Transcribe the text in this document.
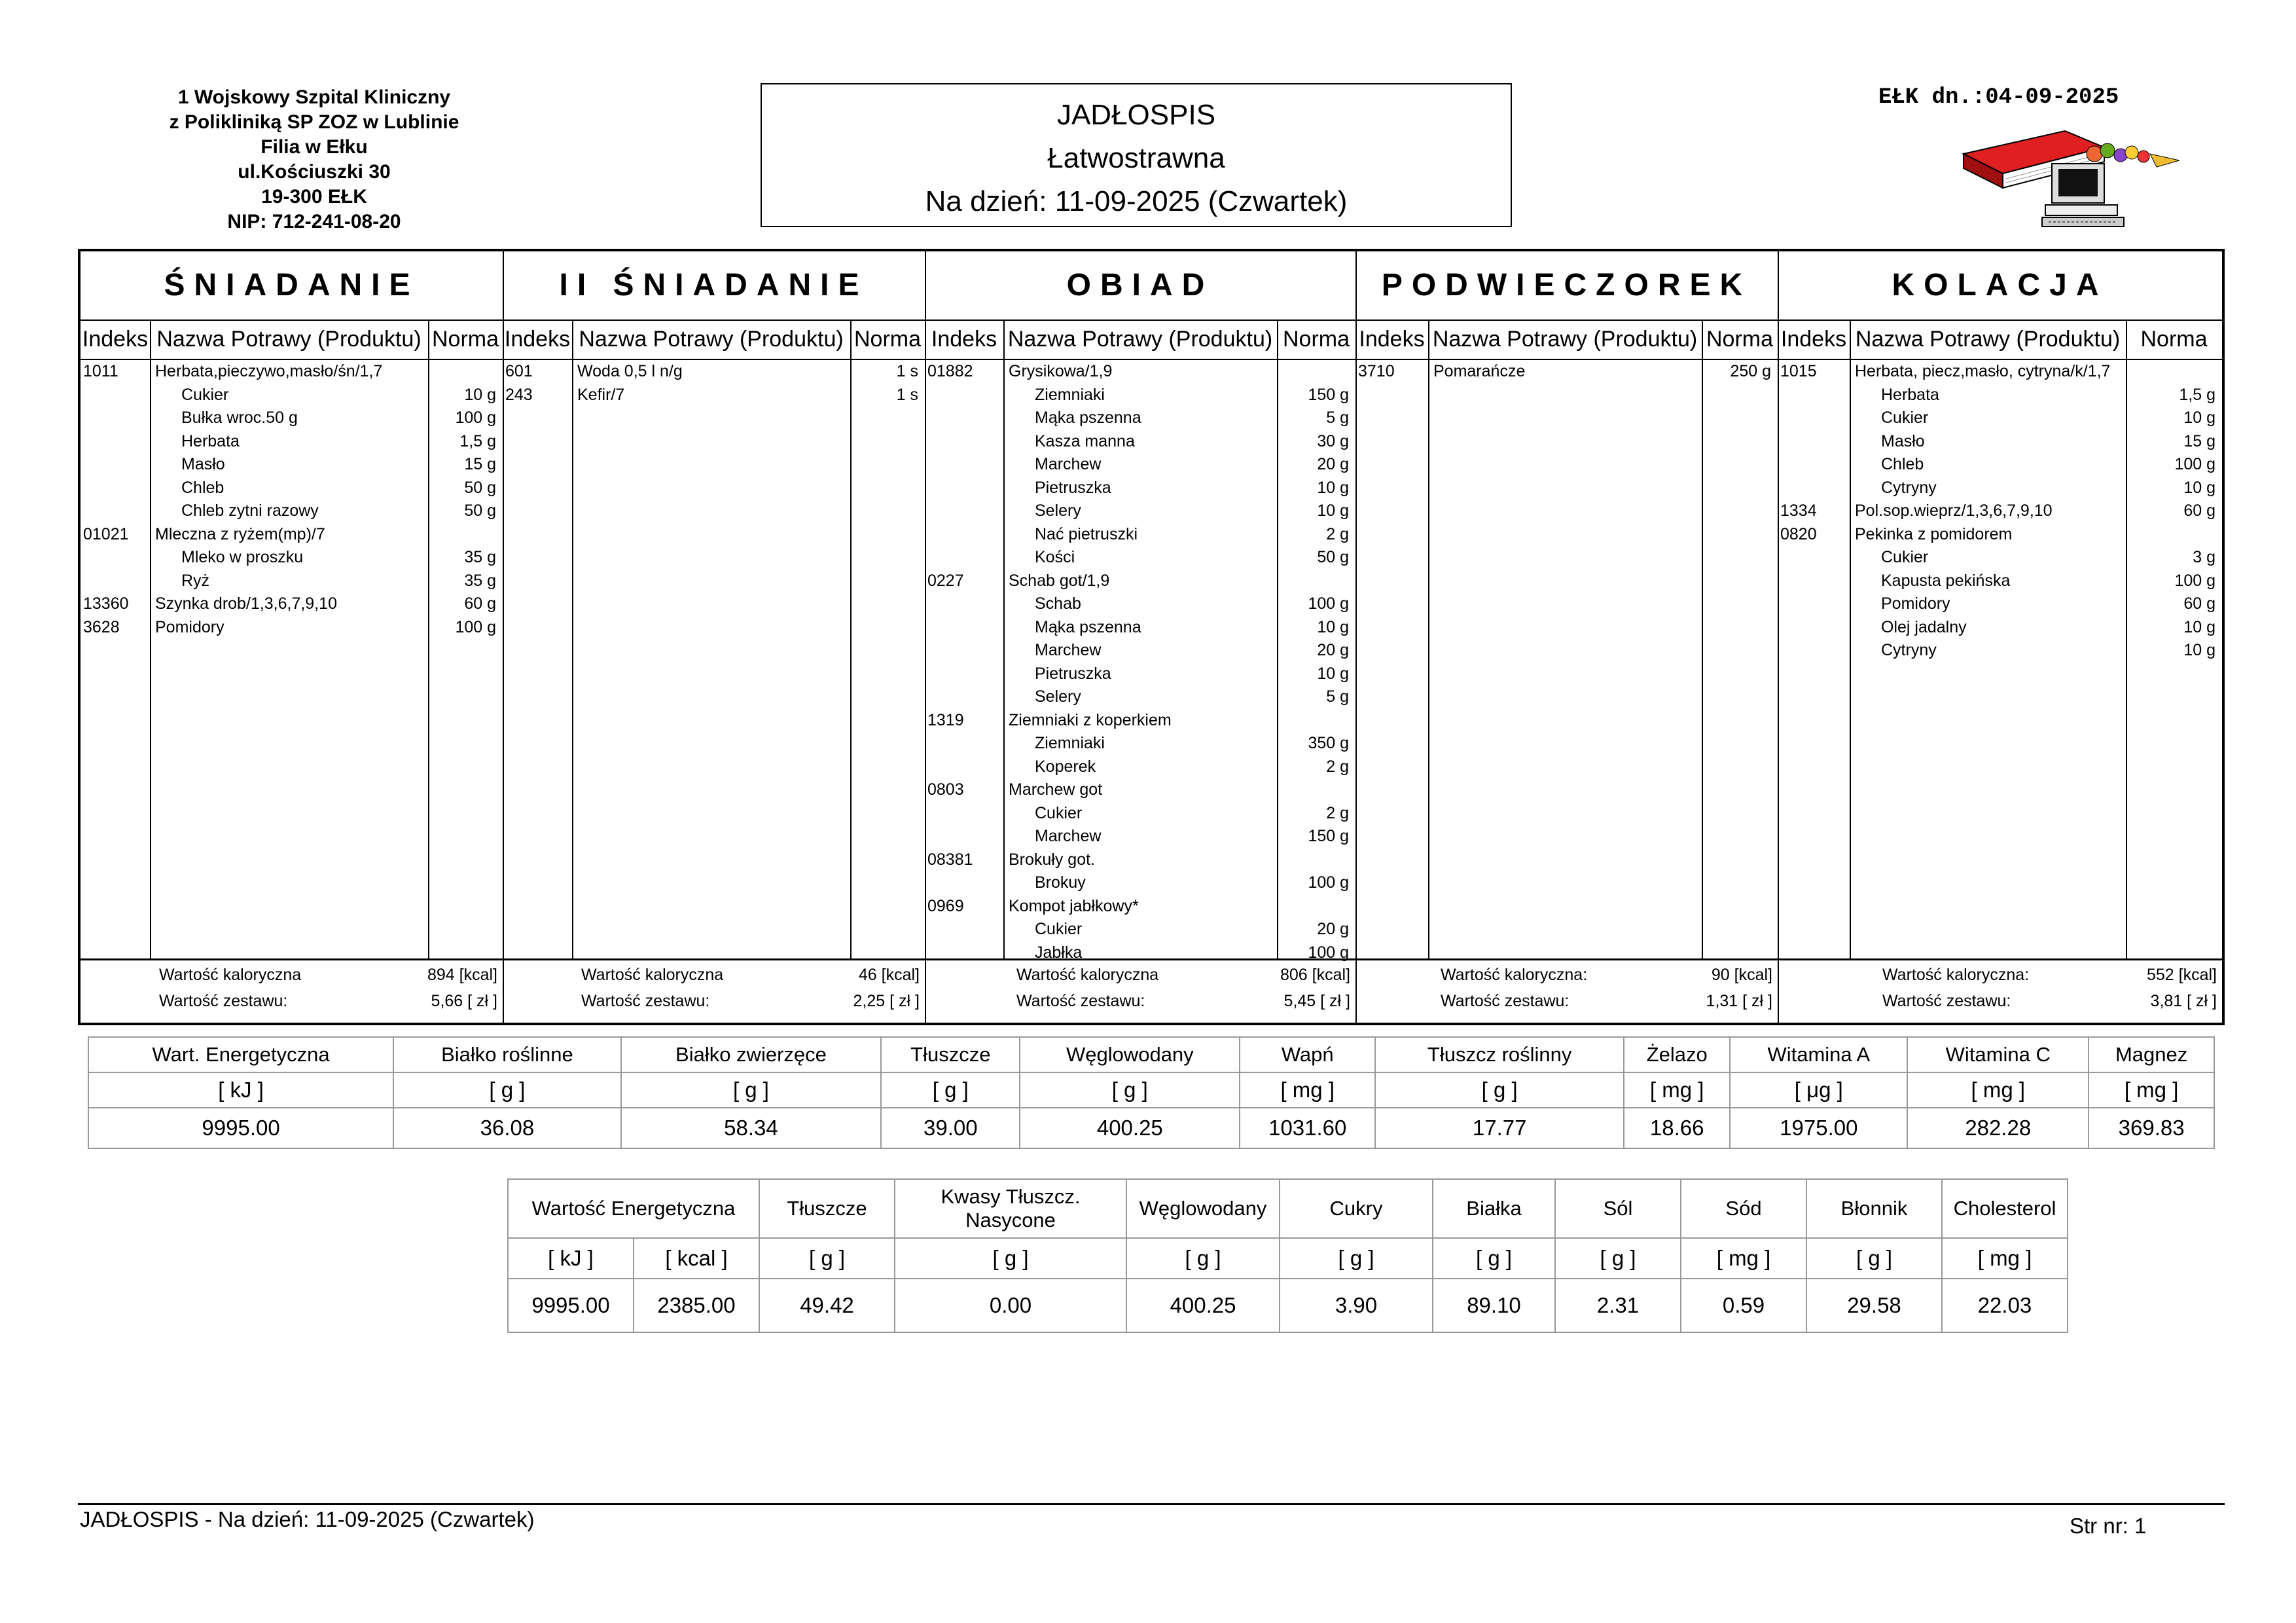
1 Wojskowy Szpital Kliniczny
z Polikliniką SP ZOZ w Lublinie
Filia w Ełku
ul.Kościuszki 30
19-300 EŁK
NIP: 712-241-08-20
JADŁOSPIS
Łatwostrawna
Na dzień: 11-09-2025 (Czwartek)
EŁK dn.:04-09-2025
ŚNIADANIE
Indeks Nazwa Potrawy (Produktu) Norma
1011 Herbata,pieczywo,masło/śn/1,7
Cukier	10 g
Bułka wroc.50 g	100 g
Herbata	1,5 g
Masło	15 g
Chleb	50 g
Chleb zytni razowy	50 g
01021 Mleczna z ryżem(mp)/7
Mleko w proszku	35 g
Ryż	35 g
13360 Szynka drob/1,3,6,7,9,10	60 g
3628 Pomidory	100 g
Wartość kaloryczna	894 [kcal]
Wartość zestawu:	5,66 [ zł ]
II ŚNIADANIE
Indeks Nazwa Potrawy (Produktu) Norma
601	Woda 0,5 l n/g	1 s
243	Kefir/7	1 s
Wartość kaloryczna	46 [kcal]
Wartość zestawu:	2,25 [ zł ]
OBIAD
Indeks Nazwa Potrawy (Produktu) Norma
01882 Grysikowa/1,9
Ziemniaki	150 g
Mąka pszenna	5 g
Kasza manna	30 g
Marchew	20 g
Pietruszka	10 g
Selery	10 g
Nać pietruszki	2 g
Kości	50 g
0227	Schab got/1,9
Schab	100 g
Mąka pszenna	10 g
Marchew	20 g
Pietruszka	10 g
Selery	5 g
1319	Ziemniaki z koperkiem
Ziemniaki	350 g
Koperek	2 g
0803	Marchew got
Cukier	2 g
Marchew	150 g
08381 Brokuły got.
Brokuy	100 g
0969	Kompot jabłkowy*
Cukier	20 g
Jabłka	100 g
Wartość kaloryczna	806 [kcal]
Wartość zestawu:	5,45 [ zł ]
PODWIECZOREK
Indeks Nazwa Potrawy (Produktu) Norma
3710 Pomarańcze	250 g
Wartość kaloryczna:	90 [kcal]
Wartość zestawu:	1,31 [ zł ]
KOLACJA
Indeks Nazwa Potrawy (Produktu) Norma
1015 Herbata, piecz,masło, cytryna/k/1,7
Herbata	1,5 g
Cukier	10 g
Masło	15 g
Chleb	100 g
Cytryny	10 g
1334 Pol.sop.wieprz/1,3,6,7,9,10	60 g
0820 Pekinka z pomidorem
Cukier	3 g
Kapusta pekińska	100 g
Pomidory	60 g
Olej jadalny	10 g
Cytryny	10 g
Wartość kaloryczna:	552 [kcal]
Wartość zestawu:	3,81 [ zł ]
Wart. Energetyczna	Białko roślinne	Białko zwierzęce	Tłuszcze	Węglowodany	Wapń	Tłuszcz roślinny	Żelazo	Witamina A	Witamina C	Magnez
[ kJ ]	[ g ]	[ g ]	[ g ]	[ g ]	[ mg ]	[ g ]	[ mg ]	[ μg ]	[ mg ]	[ mg ]
9995.00	36.08	58.34	39.00	400.25	1031.60	17.77	18.66	1975.00	282.28	369.83
Wartość Energetyczna		Tłuszcze	Kwasy Tłuszcz. Nasycone	Węglowodany	Cukry	Białka	Sól	Sód	Błonnik	Cholesterol
[ kJ ]	[ kcal ]	[ g ]	[ g ]	[ g ]	[ g ]	[ g ]	[ g ]	[ mg ]	[ g ]	[ mg ]
9995.00	2385.00	49.42	0.00	400.25	3.90	89.10	2.31	0.59	29.58	22.03
JADŁOSPIS - Na dzień: 11-09-2025 (Czwartek)	Str nr: 1
